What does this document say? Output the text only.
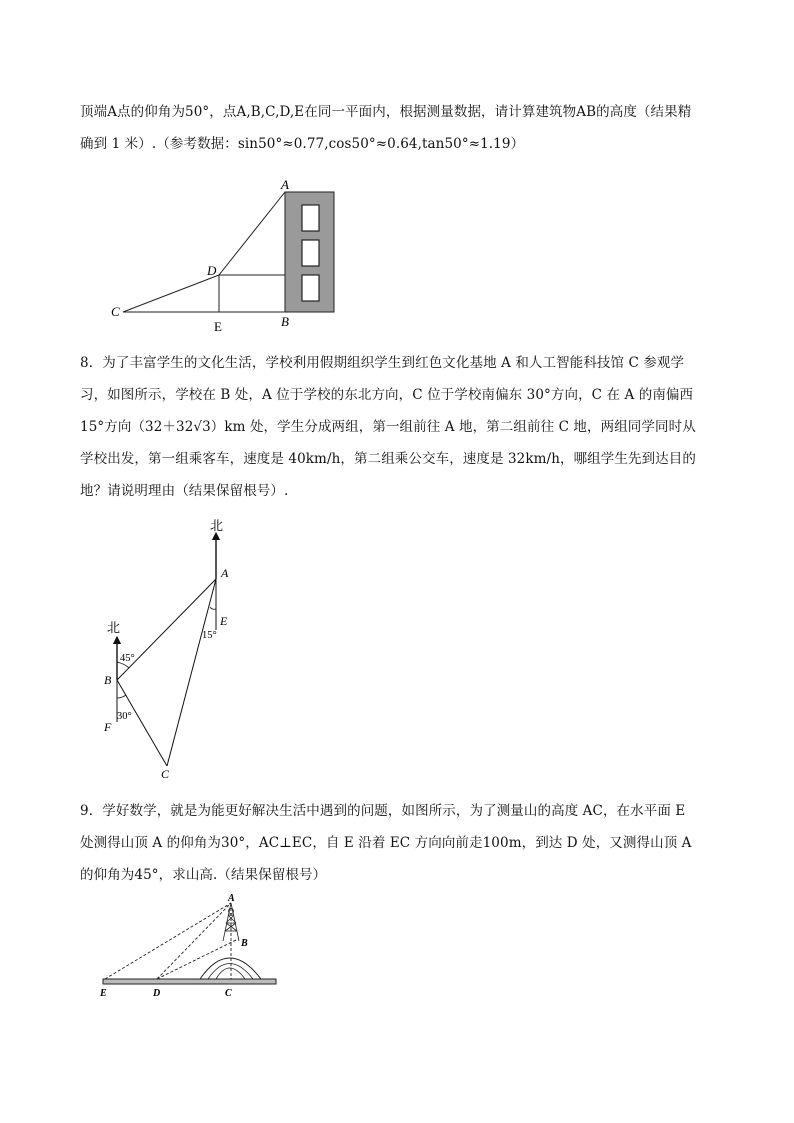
顶端A点的仰角为50°，点A,B,C,D,E在同一平面内，根据测量数据，请计算建筑物AB的高度（结果精
确到 1 米）.（参考数据：sin50°≈0.77,cos50°≈0.64,tan50°≈1.19）
A
D
C
E	B
8．为了丰富学生的文化生活，学校利用假期组织学生到红色文化基地 A 和人工智能科技馆 C 参观学
习，如图所示，学校在 B 处，A 位于学校的东北方向，C 位于学校南偏东 30°方向，C 在 A 的南偏西
15°方向（32＋32√3）km 处，学生分成两组，第一组前往 A 地，第二组前往 C 地，两组同学同时从
学校出发，第一组乘客车，速度是 40km/h，第二组乘公交车，速度是 32km/h，哪组学生先到达目的
地？请说明理由（结果保留根号）.
北
A
E
15°
北
B
F
C
45°
30°
9．学好数学，就是为能更好解决生活中遇到的问题，如图所示，为了测量山的高度 AC，在水平面 E
处测得山顶 A 的仰角为30°，AC⊥EC，自 E 沿着 EC 方向向前走100m，到达 D 处，又测得山顶 A
的仰角为45°，求山高.（结果保留根号）
A
B
E	D	C
